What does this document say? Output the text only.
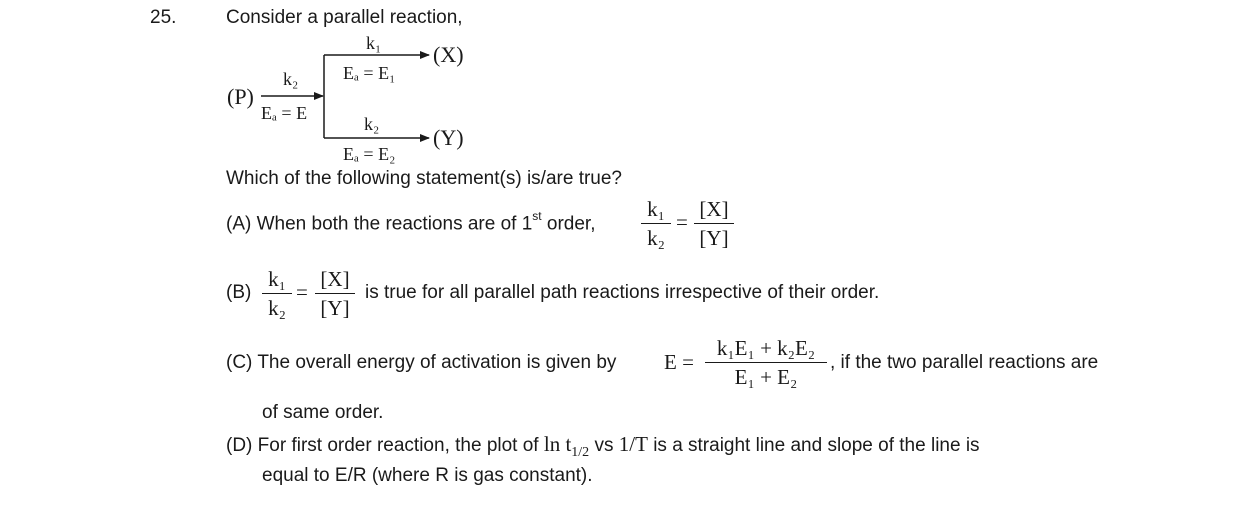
25.	Consider a parallel reaction,
(P)
k₂
Eₐ = E
k₁
Eₐ = E₁
(X)
k₂
Eₐ = E₂
(Y)
Which of the following statement(s) is/are true?
(A) When both the reactions are of 1st order,
k₁
k₂
=
[X]
[Y]
(B)
k₁
k₂
=
[X]
[Y]
is true for all parallel path reactions irrespective of their order.
(C) The overall energy of activation is given by E =
k₁E₁ + k₂E₂
E₁ + E₂
, if the two parallel reactions are
of same order.
(D) For first order reaction, the plot of $\ln t_{1/2}$ vs 1/T is a straight line and slope of the line is
equal to E/R (where R is gas constant).
